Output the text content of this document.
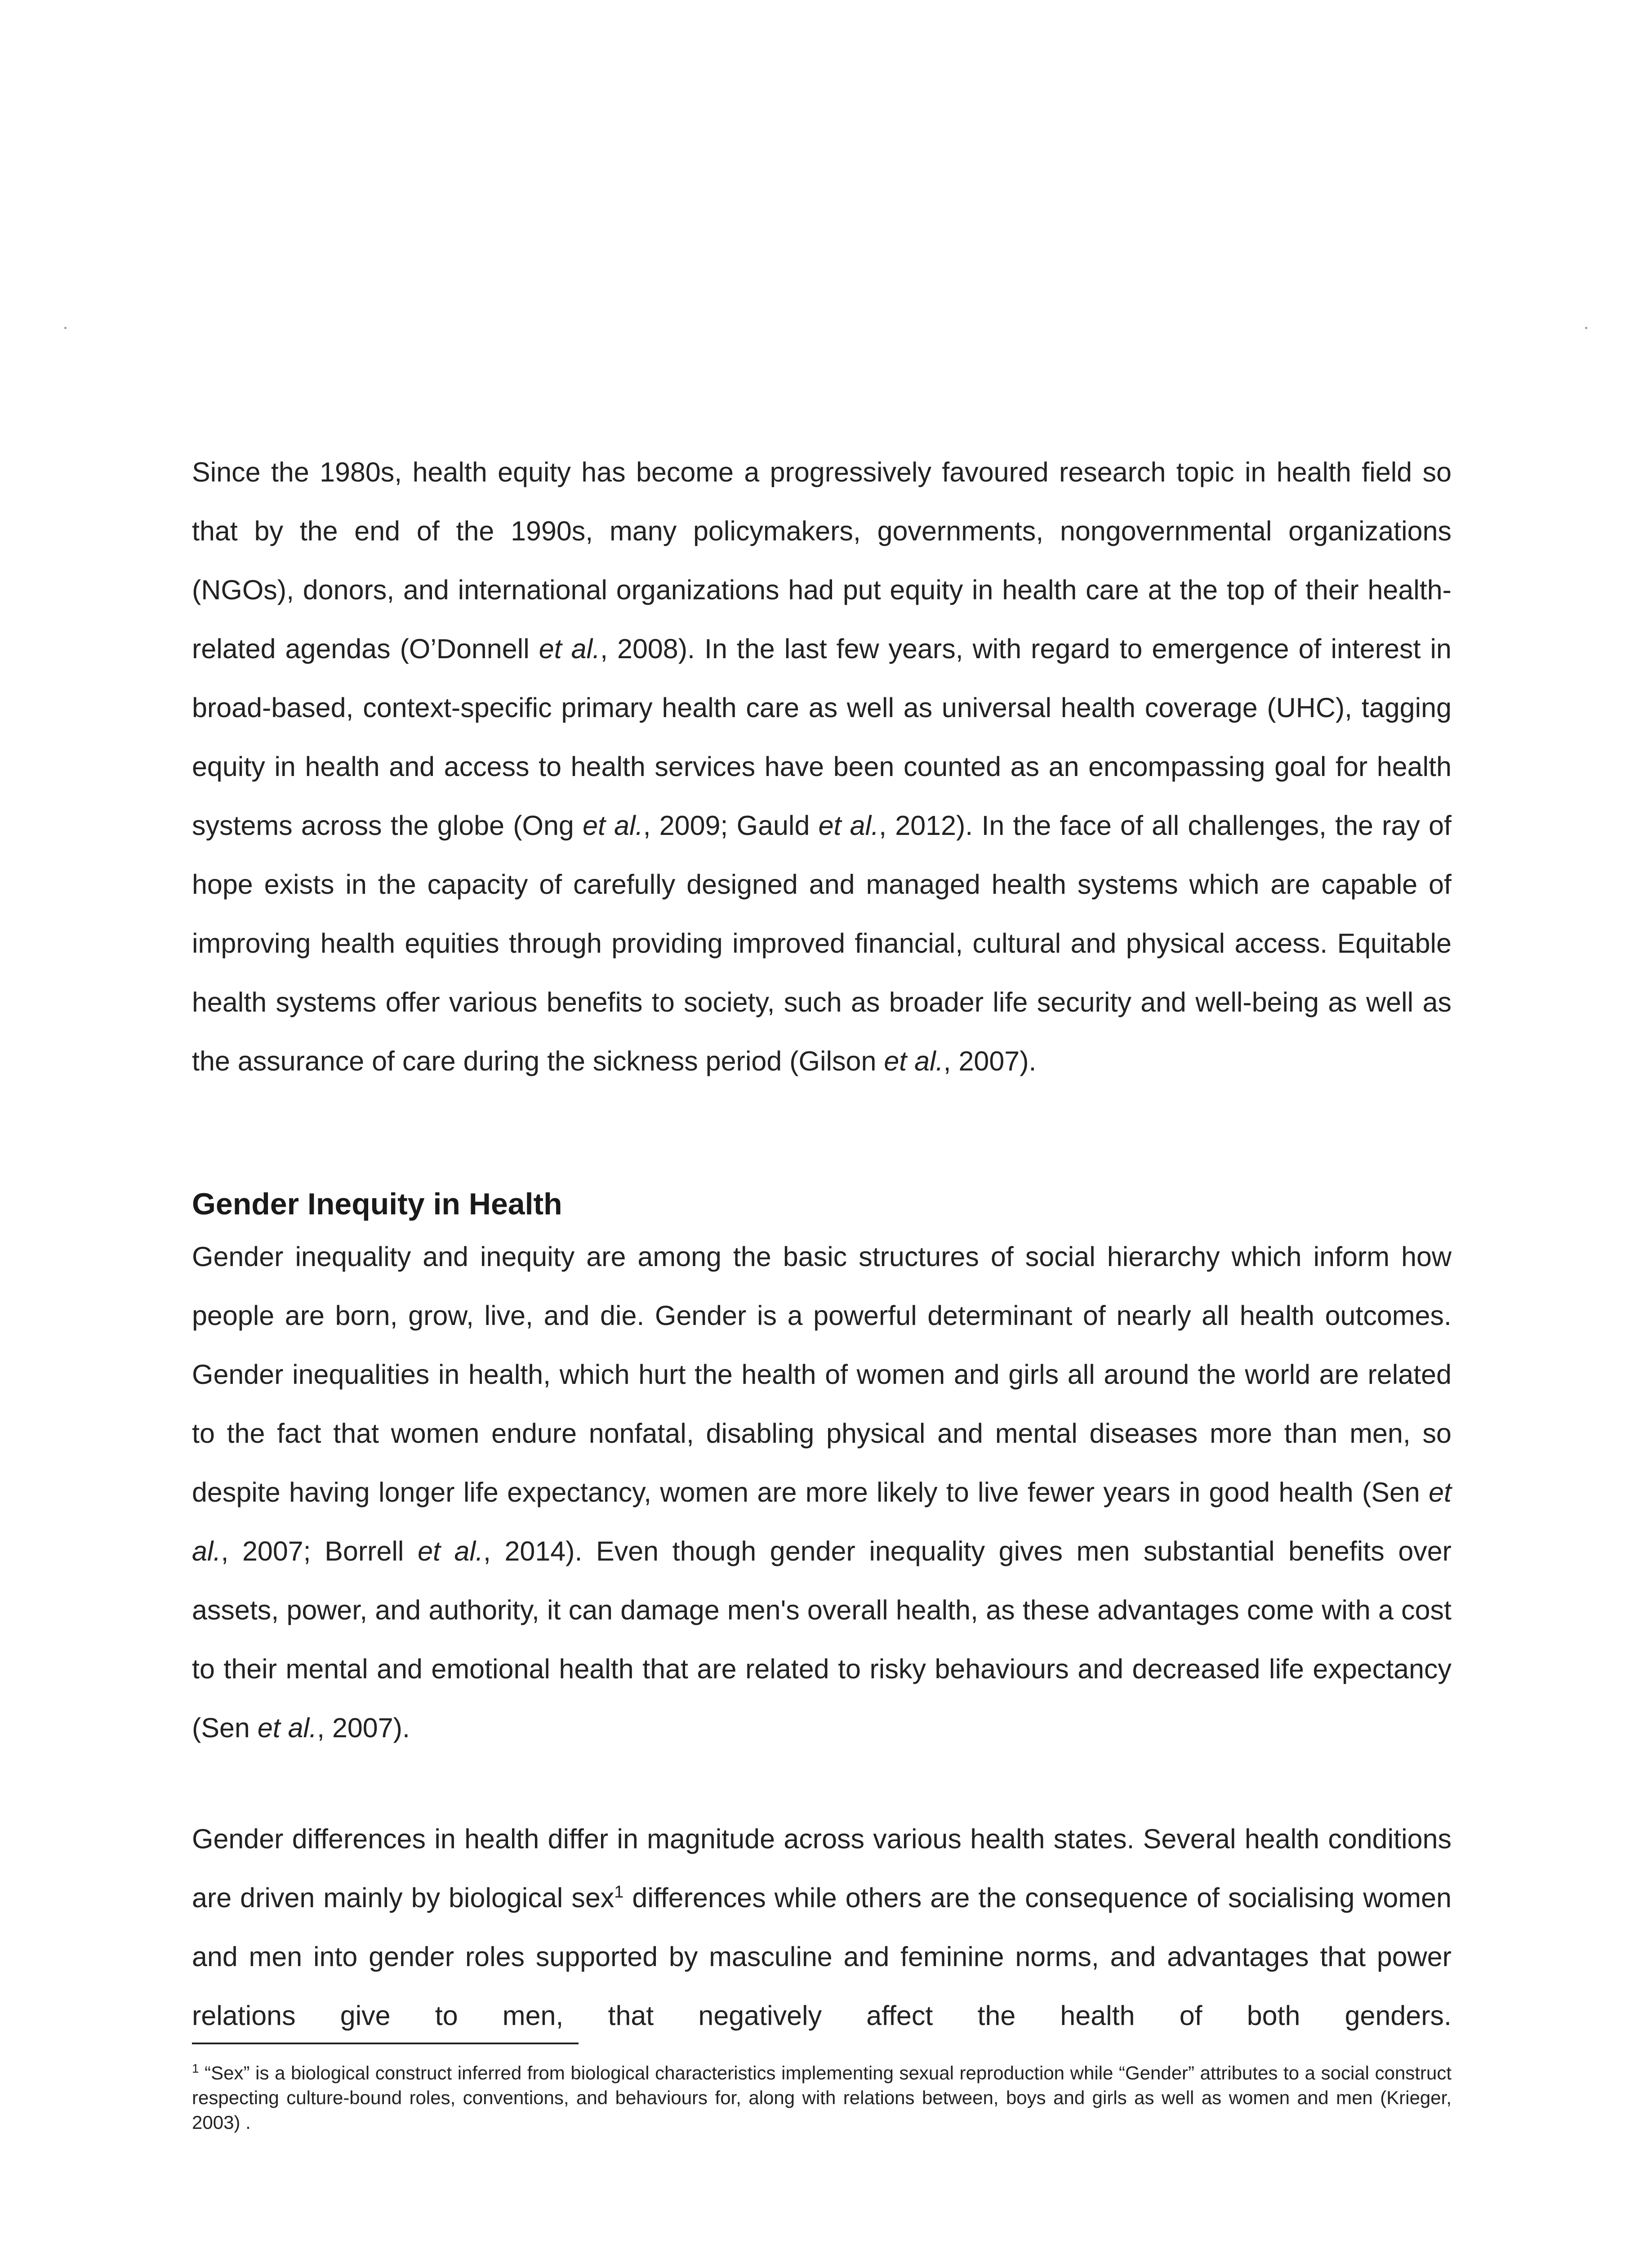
Since the 1980s, health equity has become a progressively favoured research topic in health field so that by the end of the 1990s, many policymakers, governments, nongovernmental organizations (NGOs), donors, and international organizations had put equity in health care at the top of their health-related agendas (O’Donnell et al., 2008). In the last few years, with regard to emergence of interest in broad-based, context-specific primary health care as well as universal health coverage (UHC), tagging equity in health and access to health services have been counted as an encompassing goal for health systems across the globe (Ong et al., 2009; Gauld et al., 2012). In the face of all challenges, the ray of hope exists in the capacity of carefully designed and managed health systems which are capable of improving health equities through providing improved financial, cultural and physical access. Equitable health systems offer various benefits to society, such as broader life security and well-being as well as the assurance of care during the sickness period (Gilson et al., 2007).

Gender Inequity in Health

Gender inequality and inequity are among the basic structures of social hierarchy which inform how people are born, grow, live, and die. Gender is a powerful determinant of nearly all health outcomes. Gender inequalities in health, which hurt the health of women and girls all around the world are related to the fact that women endure nonfatal, disabling physical and mental diseases more than men, so despite having longer life expectancy, women are more likely to live fewer years in good health (Sen et al., 2007; Borrell et al., 2014). Even though gender inequality gives men substantial benefits over assets, power, and authority, it can damage men's overall health, as these advantages come with a cost to their mental and emotional health that are related to risky behaviours and decreased life expectancy (Sen et al., 2007).

Gender differences in health differ in magnitude across various health states. Several health conditions are driven mainly by biological sex$^1$ differences while others are the consequence of socialising women and men into gender roles supported by masculine and feminine norms, and advantages that power relations give to men, that negatively affect the health of both genders.

$^1$ “Sex” is a biological construct inferred from biological characteristics implementing sexual reproduction while “Gender” attributes to a social construct respecting culture-bound roles, conventions, and behaviours for, along with relations between, boys and girls as well as women and men (Krieger, 2003) .
